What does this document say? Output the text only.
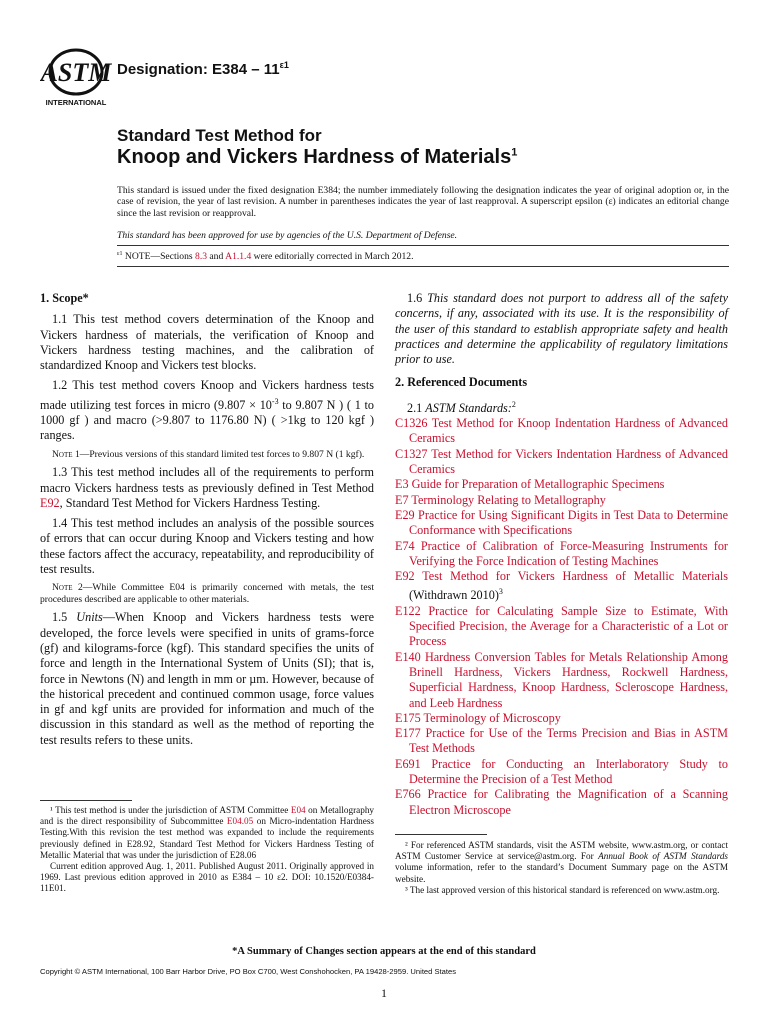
ASTM
INTERNATIONAL
Designation: $E384 - 11^{\varepsilon 1}$
Standard Test Method for
Knoop and Vickers Hardness of Materials$^1$
This standard is issued under the fixed designation E384; the number immediately following the designation indicates the year of original adoption or, in the case of revision, the year of last revision. A number in parentheses indicates the year of last reapproval. A superscript epsilon (ε) indicates an editorial change since the last revision or reapproval.
This standard has been approved for use by agencies of the U.S. Department of Defense.
$^{\varepsilon 1}$ NOTE—Sections 8.3 and A1.1.4 were editorially corrected in March 2012.

1. Scope*

1.1 This test method covers determination of the Knoop and Vickers hardness of materials, the verification of Knoop and Vickers hardness testing machines, and the calibration of standardized Knoop and Vickers test blocks.

1.2 This test method covers Knoop and Vickers hardness tests made utilizing test forces in micro ($9.807 \times 10^{-3}$ to 9.807 N ) ( 1 to 1000 gf ) and macro (>9.807 to 1176.80 N) ( >1kg to 120 kgf ) ranges.

Note 1—Previous versions of this standard limited test forces to 9.807 N (1 kgf).

1.3 This test method includes all of the requirements to perform macro Vickers hardness tests as previously defined in Test Method E92, Standard Test Method for Vickers Hardness Testing.

1.4 This test method includes an analysis of the possible sources of errors that can occur during Knoop and Vickers testing and how these factors affect the accuracy, repeatability, and reproducibility of test results.

Note 2—While Committee E04 is primarily concerned with metals, the test procedures described are applicable to other materials.

1.5 Units—When Knoop and Vickers hardness tests were developed, the force levels were specified in units of grams-force (gf) and kilograms-force (kgf). This standard specifies the units of force and length in the International System of Units (SI); that is, force in Newtons (N) and length in mm or µm. However, because of the historical precedent and continued common usage, force values in gf and kgf units are provided for information and much of the discussion in this standard as well as the method of reporting the test results refers to these units.

¹ This test method is under the jurisdiction of ASTM Committee E04 on Metallography and is the direct responsibility of Subcommittee E04.05 on Micro-indentation Hardness Testing.With this revision the test method was expanded to include the requirements previously defined in E28.92, Standard Test Method for Vickers Hardness Testing of Metallic Material that was under the jurisdiction of E28.06

Current edition approved Aug. 1, 2011. Published August 2011. Originally approved in 1969. Last previous edition approved in 2010 as E384 – 10 ε2. DOI: 10.1520/E0384-11E01.

1.6 This standard does not purport to address all of the safety concerns, if any, associated with its use. It is the responsibility of the user of this standard to establish appropriate safety and health practices and determine the applicability of regulatory limitations prior to use.

2. Referenced Documents

2.1 ASTM Standards:$^2$

C1326 Test Method for Knoop Indentation Hardness of Advanced Ceramics
C1327 Test Method for Vickers Indentation Hardness of Advanced Ceramics
E3 Guide for Preparation of Metallographic Specimens
E7 Terminology Relating to Metallography
E29 Practice for Using Significant Digits in Test Data to Determine Conformance with Specifications
E74 Practice of Calibration of Force-Measuring Instruments for Verifying the Force Indication of Testing Machines
E92 Test Method for Vickers Hardness of Metallic Materials (Withdrawn 2010)$^3$
E122 Practice for Calculating Sample Size to Estimate, With Specified Precision, the Average for a Characteristic of a Lot or Process
E140 Hardness Conversion Tables for Metals Relationship Among Brinell Hardness, Vickers Hardness, Rockwell Hardness, Superficial Hardness, Knoop Hardness, Scleroscope Hardness, and Leeb Hardness
E175 Terminology of Microscopy
E177 Practice for Use of the Terms Precision and Bias in ASTM Test Methods
E691 Practice for Conducting an Interlaboratory Study to Determine the Precision of a Test Method
E766 Practice for Calibrating the Magnification of a Scanning Electron Microscope

² For referenced ASTM standards, visit the ASTM website, www.astm.org, or contact ASTM Customer Service at service@astm.org. For Annual Book of ASTM Standards volume information, refer to the standard’s Document Summary page on the ASTM website.

³ The last approved version of this historical standard is referenced on www.astm.org.

*A Summary of Changes section appears at the end of this standard
Copyright © ASTM International, 100 Barr Harbor Drive, PO Box C700, West Conshohocken, PA 19428-2959. United States
1
